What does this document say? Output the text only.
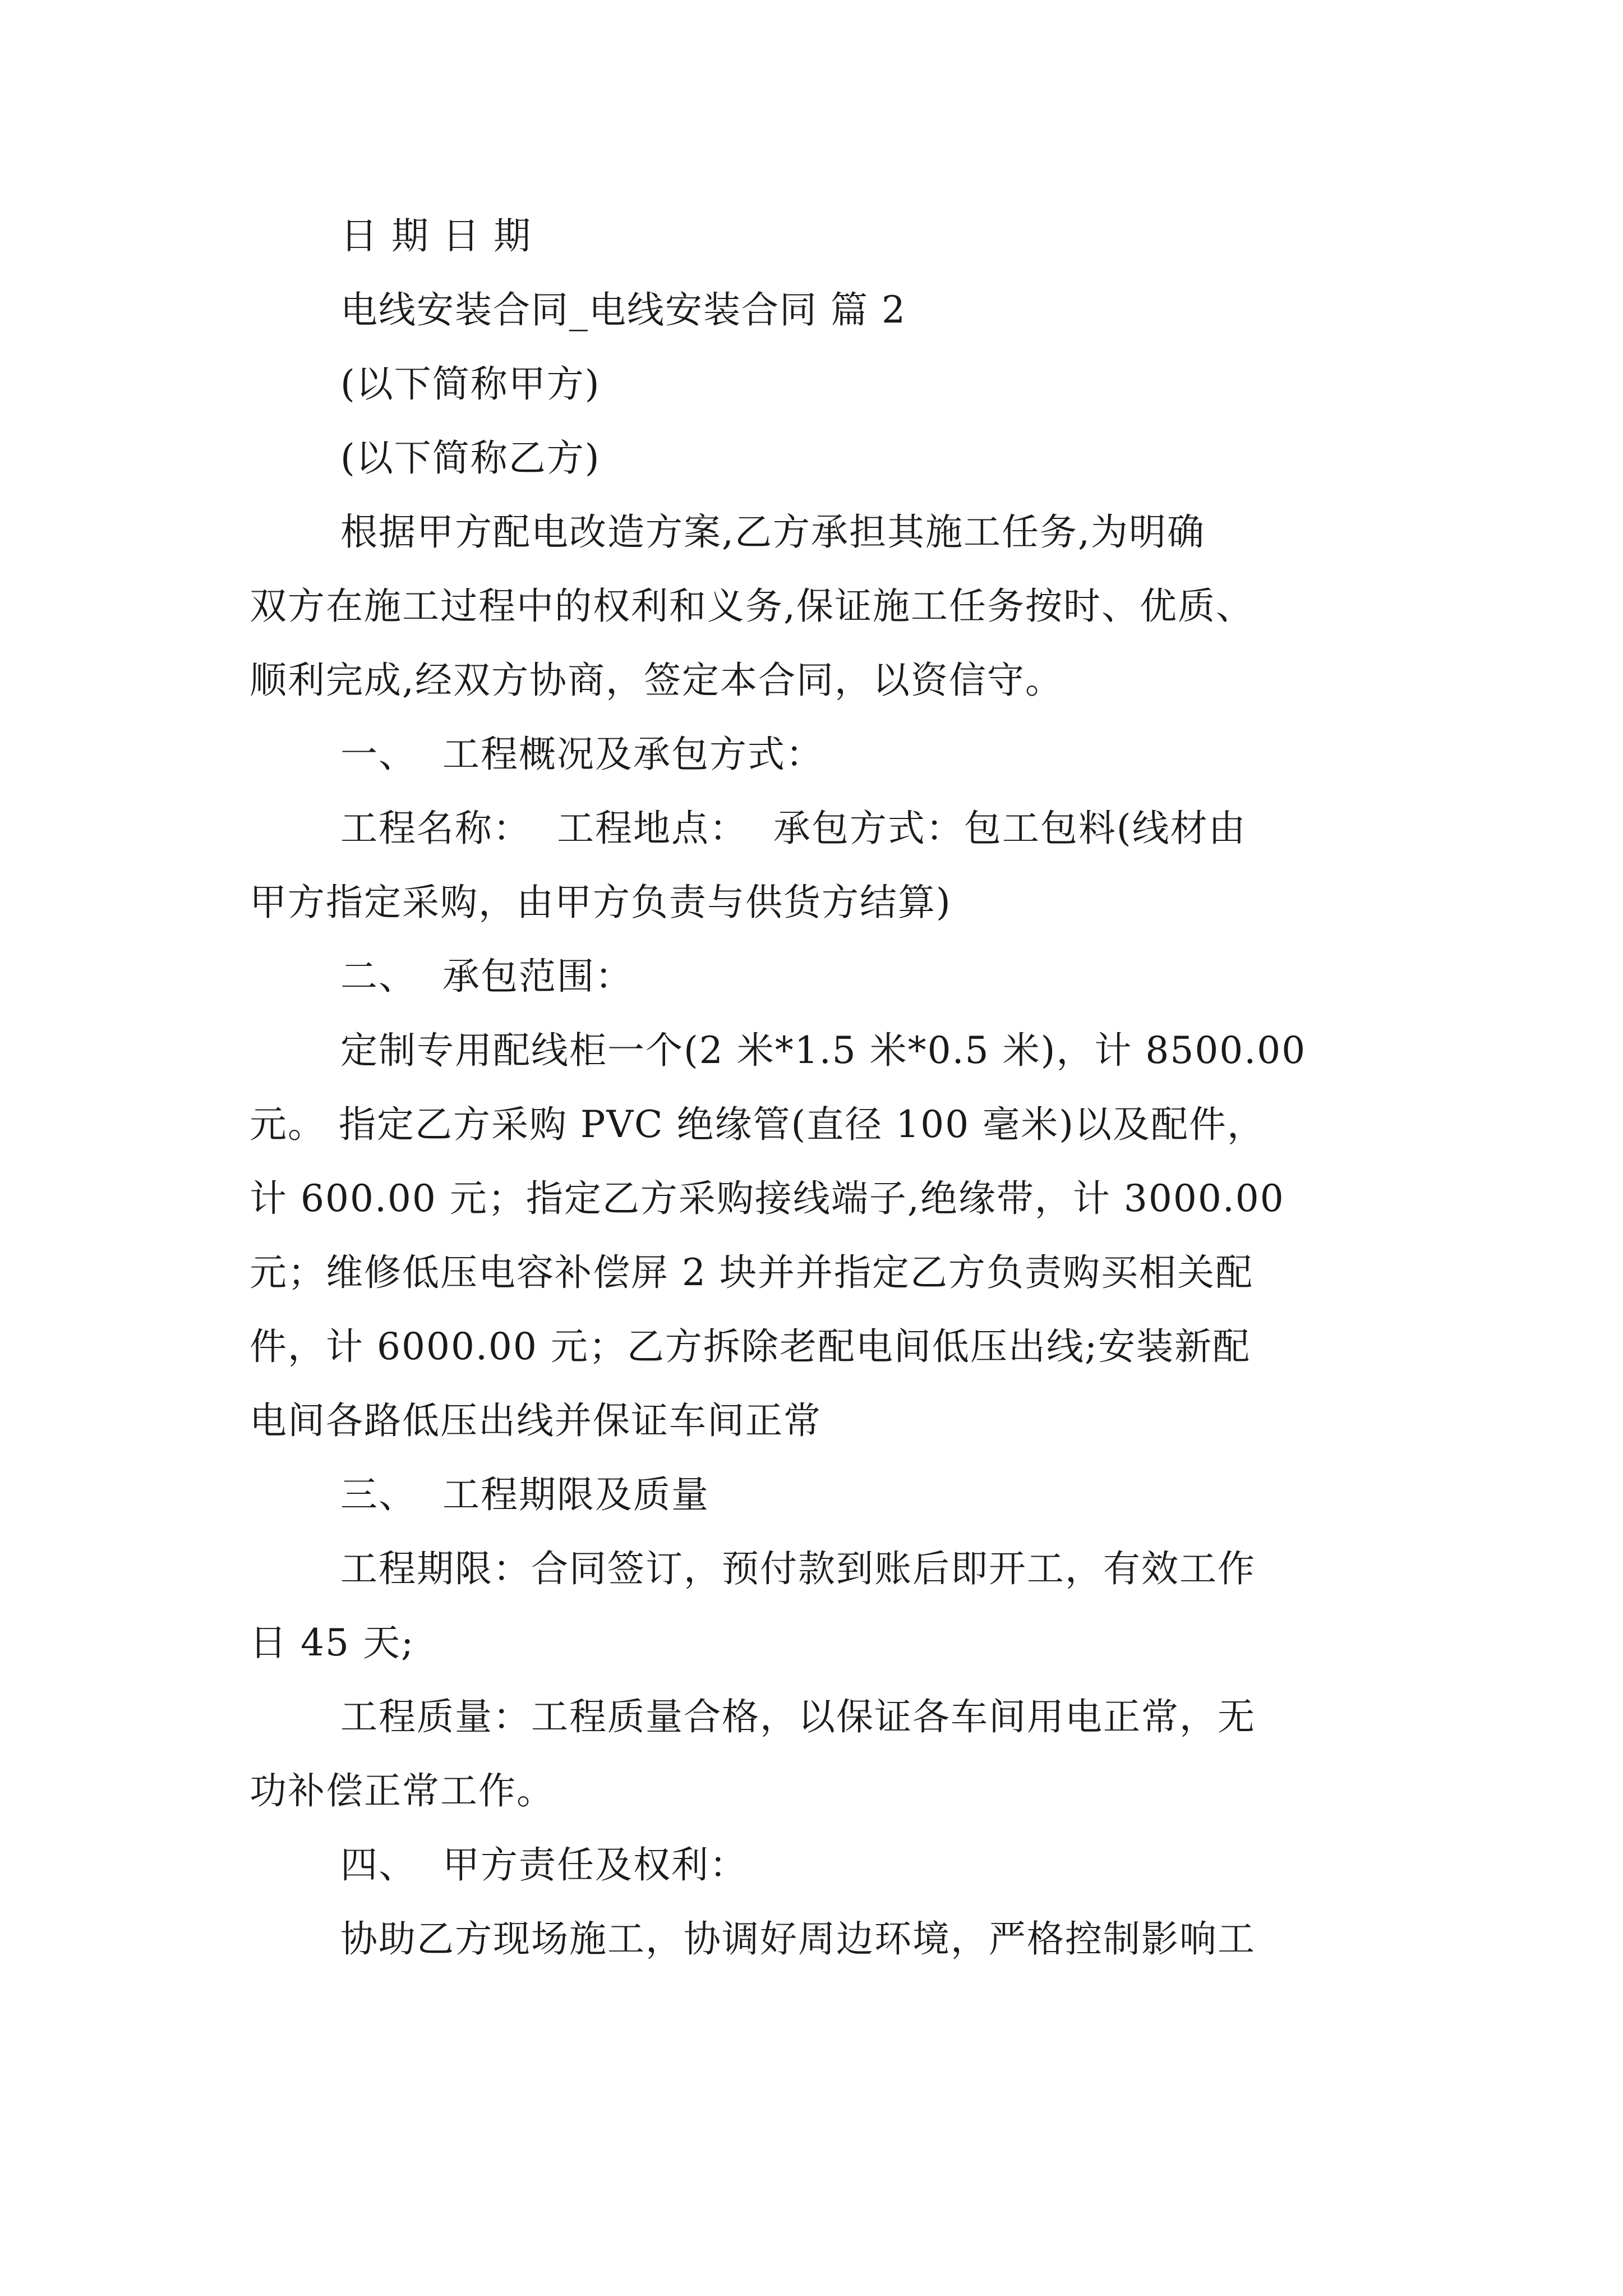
日 期 日 期
电线安装合同_电线安装合同 篇 2
(以下简称甲方)
(以下简称乙方)
根据甲方配电改造方案,乙方承担其施工任务,为明确
双方在施工过程中的权利和义务,保证施工任务按时、优质、
顺利完成,经双方协商，签定本合同，以资信守。
一、  工程概况及承包方式：
工程名称：  工程地点：  承包方式：包工包料(线材由
甲方指定采购，由甲方负责与供货方结算)
二、  承包范围：
定制专用配线柜一个(2 米*1.5 米*0.5 米)，计 8500.00
元。 指定乙方采购 PVC 绝缘管(直径 100 毫米)以及配件，
计 600.00 元；指定乙方采购接线端子,绝缘带，计 3000.00
元；维修低压电容补偿屏 2 块并并指定乙方负责购买相关配
件，计 6000.00 元；乙方拆除老配电间低压出线;安装新配
电间各路低压出线并保证车间正常
三、  工程期限及质量
工程期限：合同签订，预付款到账后即开工，有效工作
日 45 天;
工程质量：工程质量合格，以保证各车间用电正常，无
功补偿正常工作。
四、  甲方责任及权利：
协助乙方现场施工，协调好周边环境，严格控制影响工
